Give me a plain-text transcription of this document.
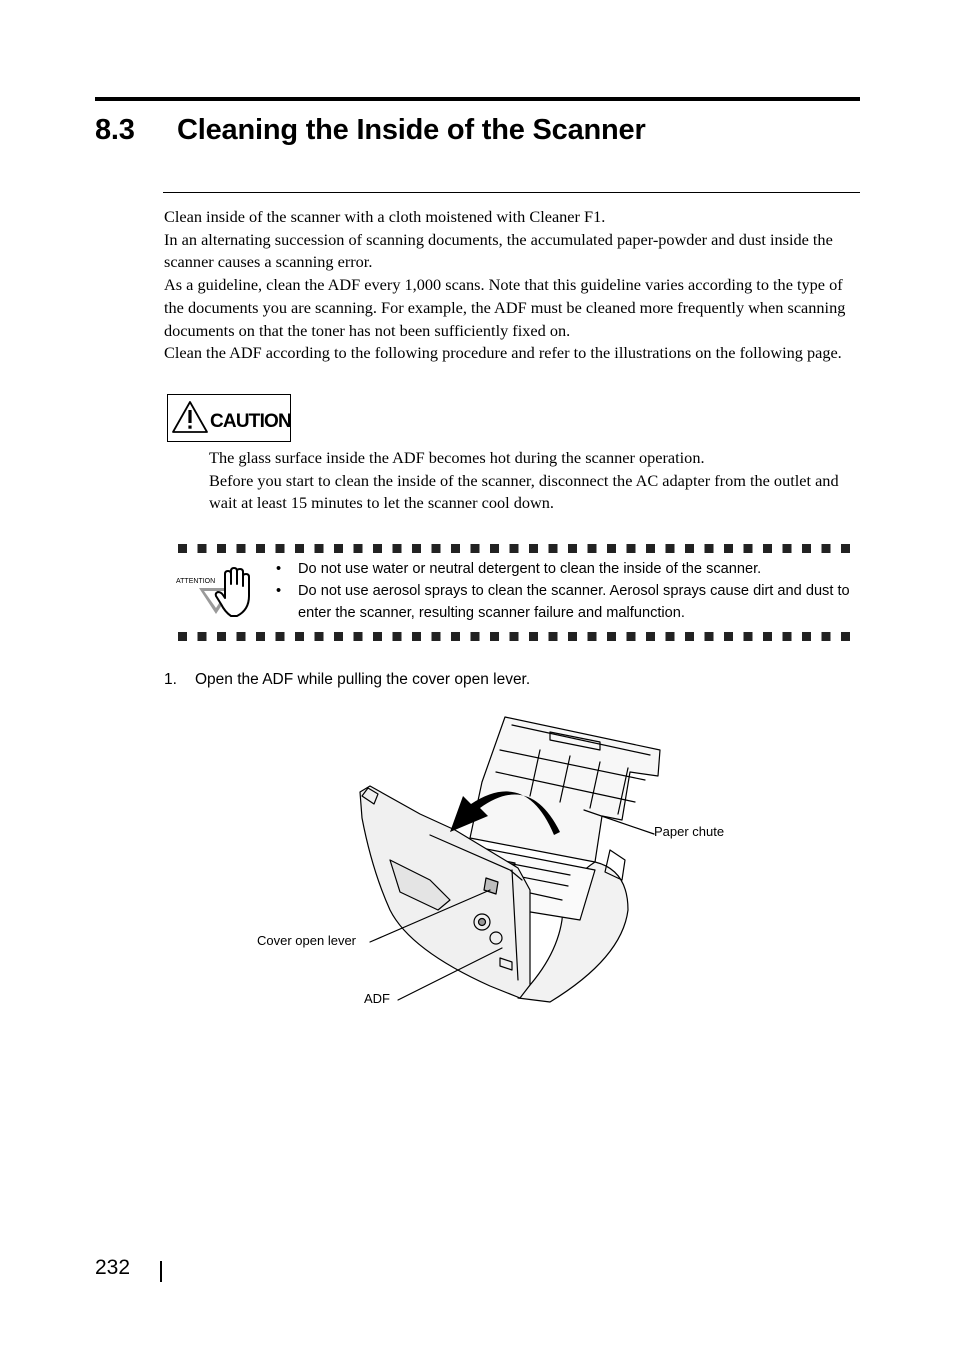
8.3 Cleaning the Inside of the Scanner

Clean inside of the scanner with a cloth moistened with Cleaner F1.

In an alternating succession of scanning documents, the accumulated paper-powder and dust inside the scanner causes a scanning error.

As a guideline, clean the ADF every 1,000 scans. Note that this guideline varies according to the type of the documents you are scanning. For example, the ADF must be cleaned more frequently when scanning documents on that the toner has not been sufficiently fixed on.

Clean the ADF according to the following procedure and refer to the illustrations on the following page.

CAUTION

The glass surface inside the ADF becomes hot during the scanner operation.

Before you start to clean the inside of the scanner, disconnect the AC adapter from the outlet and wait at least 15 minutes to let the scanner cool down.

ATTENTION
• Do not use water or neutral detergent to clean the inside of the scanner.
• Do not use aerosol sprays to clean the scanner. Aerosol sprays cause dirt and dust to enter the scanner, resulting scanner failure and malfunction.
1. Open the ADF while pulling the cover open lever.
Paper chute
Cover open lever
ADF
232
